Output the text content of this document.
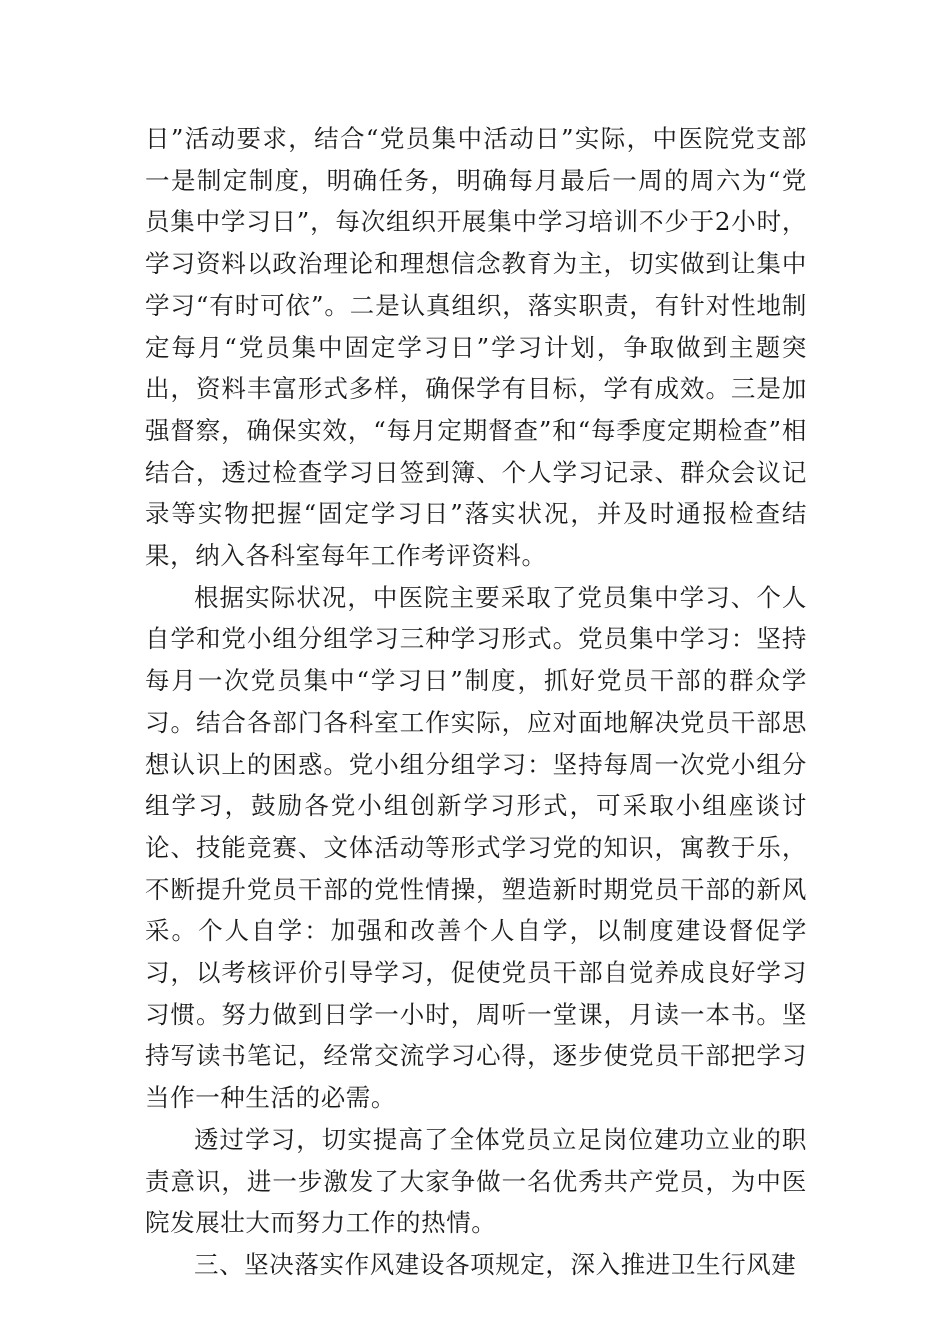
日”活动要求，结合“党员集中活动日”实际，中医院党支部一是制定制度，明确任务，明确每月最后一周的周六为“党员集中学习日”，每次组织开展集中学习培训不少于2小时，学习资料以政治理论和理想信念教育为主，切实做到让集中学习“有时可依”。二是认真组织，落实职责，有针对性地制定每月“党员集中固定学习日”学习计划，争取做到主题突出，资料丰富形式多样，确保学有目标，学有成效。三是加强督察，确保实效，“每月定期督查”和“每季度定期检查”相结合，透过检查学习日签到簿、个人学习记录、群众会议记录等实物把握“固定学习日”落实状况，并及时通报检查结果，纳入各科室每年工作考评资料。

根据实际状况，中医院主要采取了党员集中学习、个人自学和党小组分组学习三种学习形式。党员集中学习：坚持每月一次党员集中“学习日”制度，抓好党员干部的群众学习。结合各部门各科室工作实际，应对面地解决党员干部思想认识上的困惑。党小组分组学习：坚持每周一次党小组分组学习，鼓励各党小组创新学习形式，可采取小组座谈讨论、技能竞赛、文体活动等形式学习党的知识，寓教于乐，不断提升党员干部的党性情操，塑造新时期党员干部的新风采。个人自学：加强和改善个人自学，以制度建设督促学习，以考核评价引导学习，促使党员干部自觉养成良好学习习惯。努力做到日学一小时，周听一堂课，月读一本书。坚持写读书笔记，经常交流学习心得，逐步使党员干部把学习当作一种生活的必需。

透过学习，切实提高了全体党员立足岗位建功立业的职责意识，进一步激发了大家争做一名优秀共产党员，为中医院发展壮大而努力工作的热情。

三、坚决落实作风建设各项规定，深入推进卫生行风建
